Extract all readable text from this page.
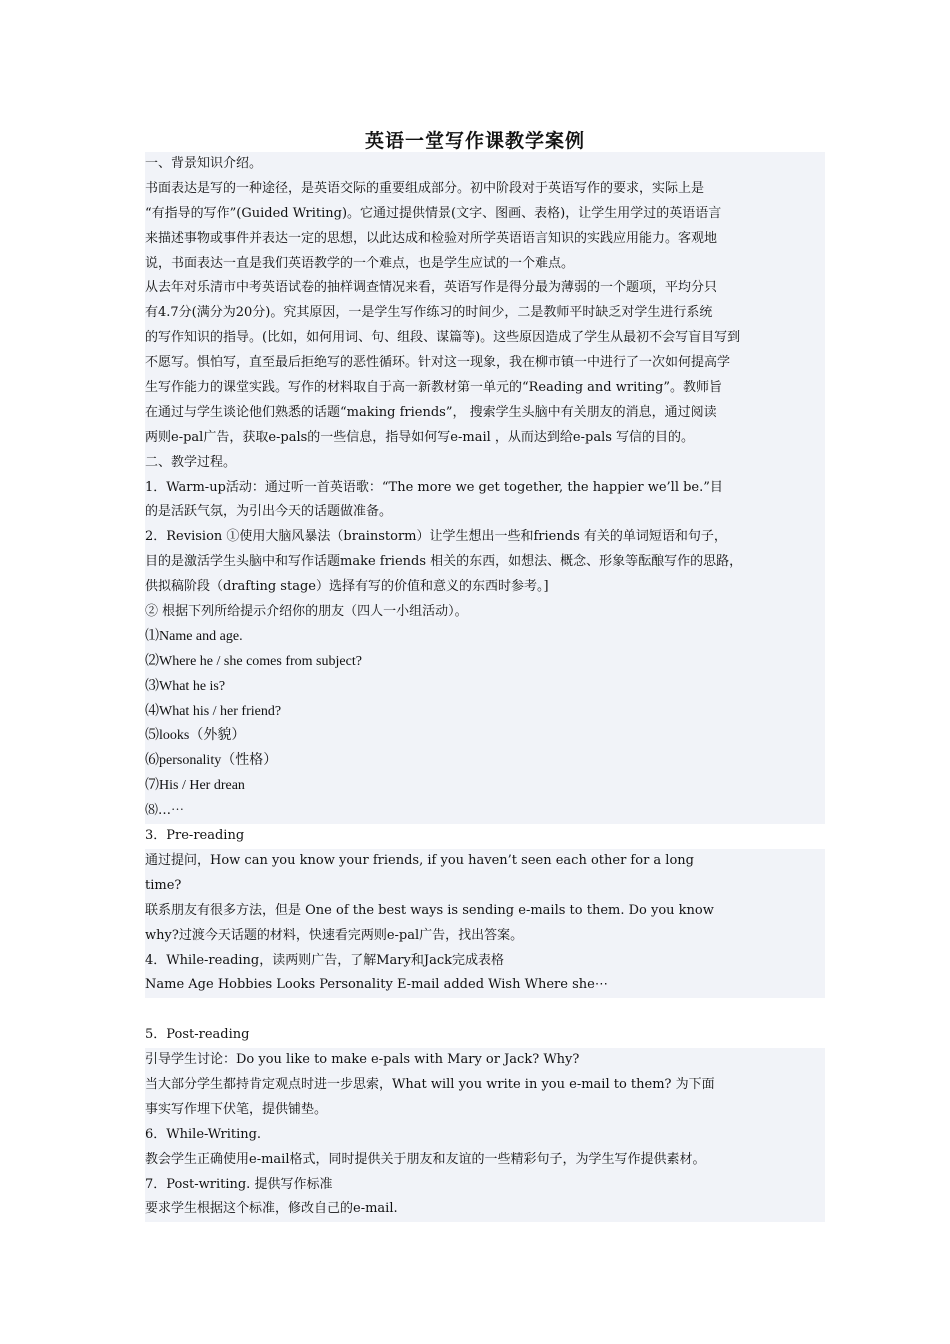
英语一堂写作课教学案例
一、背景知识介绍。
书面表达是写的一种途径，是英语交际的重要组成部分。初中阶段对于英语写作的要求，实际上是
“有指导的写作”(Guided Writing)。它通过提供情景(文字、图画、表格)，让学生用学过的英语语言
来描述事物或事件并表达一定的思想，以此达成和检验对所学英语语言知识的实践应用能力。客观地
说，书面表达一直是我们英语教学的一个难点，也是学生应试的一个难点。
从去年对乐清市中考英语试卷的抽样调查情况来看，英语写作是得分最为薄弱的一个题项，平均分只
有4.7分(满分为20分)。究其原因，一是学生写作练习的时间少，二是教师平时缺乏对学生进行系统
的写作知识的指导。(比如，如何用词、句、组段、谋篇等)。这些原因造成了学生从最初不会写盲目写到
不愿写。惧怕写，直至最后拒绝写的恶性循环。针对这一现象，我在柳市镇一中进行了一次如何提高学
生写作能力的课堂实践。写作的材料取自于高一新教材第一单元的“Reading and writing”。教师旨
在通过与学生谈论他们熟悉的话题“making friends”， 搜索学生头脑中有关朋友的消息，通过阅读
两则e-pal广告，获取e-pals的一些信息，指导如何写e-mail ，从而达到给e-pals 写信的目的。
二、教学过程。
1．Warm-up活动：通过听一首英语歌：“The more we get together, the happier we’ll be.”目
的是活跃气氛，为引出今天的话题做准备。
2．Revision ①使用大脑风暴法（brainstorm）让学生想出一些和friends 有关的单词短语和句子，
目的是激活学生头脑中和写作话题make friends 相关的东西，如想法、概念、形象等酝酿写作的思路，
供拟稿阶段（drafting stage）选择有写的价值和意义的东西时参考。]
② 根据下列所给提示介绍你的朋友（四人一小组活动）。
⑴Name and age.
⑵Where he / she comes from subject?
⑶What he is?
⑷What his / her friend?
⑸looks（外貌）
⑹personality（性格）
⑺His / Her drean
⑻…⋯
3．Pre-reading
通过提问，How can you know your friends, if you haven’t seen each other for a long
time?
联系朋友有很多方法，但是 One of the best ways is sending e-mails to them. Do you know
why?过渡今天话题的材料，快速看完两则e-pal广告，找出答案。
4．While-reading，读两则广告，了解Mary和Jack完成表格
Name Age Hobbies Looks Personality E-mail added Wish Where she⋯
5．Post-reading
引导学生讨论：Do you like to make e-pals with Mary or Jack? Why?
当大部分学生都持肯定观点时进一步思索，What will you write in you e-mail to them? 为下面
事实写作埋下伏笔，提供铺垫。
6．While-Writing.
教会学生正确使用e-mail格式，同时提供关于朋友和友谊的一些精彩句子，为学生写作提供素材。
7．Post-writing. 提供写作标准
要求学生根据这个标准，修改自己的e-mail.
